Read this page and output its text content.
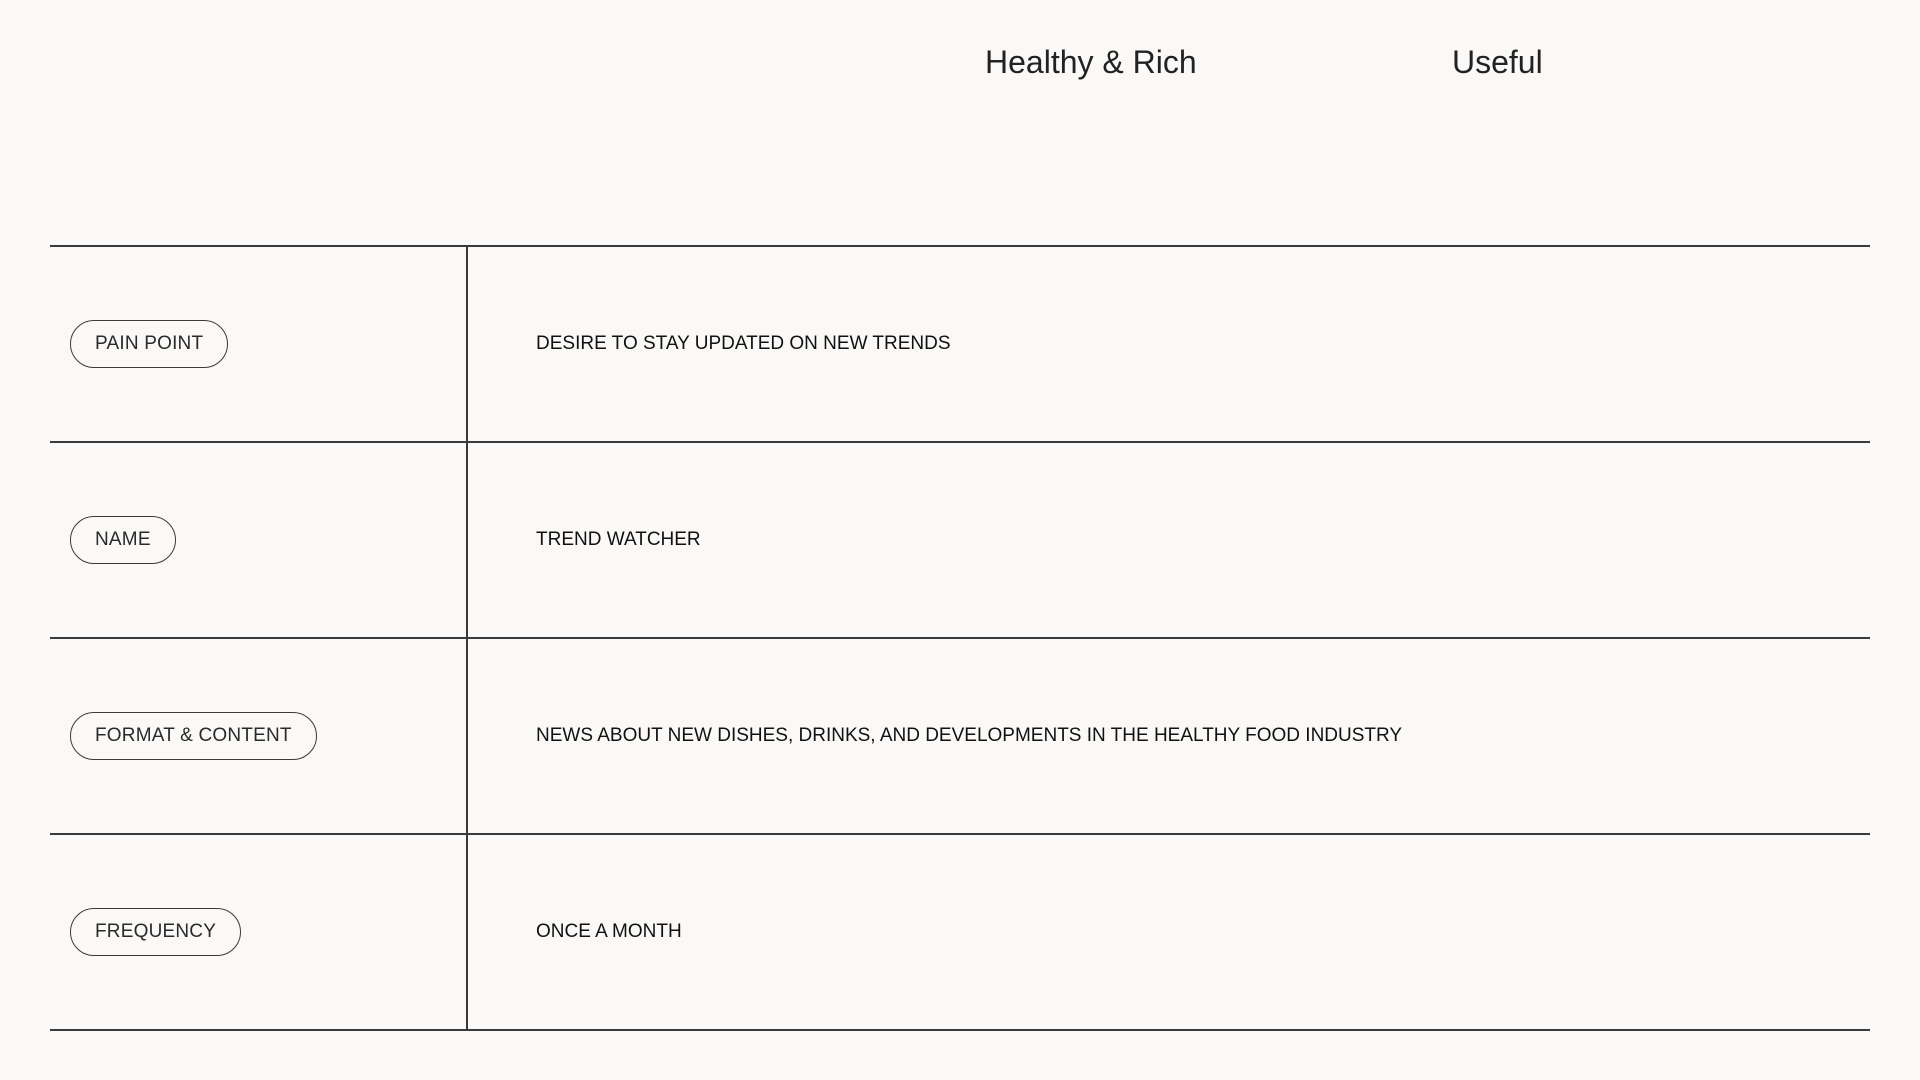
Healthy & Rich	Useful
PAIN POINT	DESIRE TO STAY UPDATED ON NEW TRENDS
NAME	TREND WATCHER
FORMAT & CONTENT	NEWS ABOUT NEW DISHES, DRINKS, AND DEVELOPMENTS IN THE HEALTHY FOOD INDUSTRY
FREQUENCY	ONCE A MONTH
